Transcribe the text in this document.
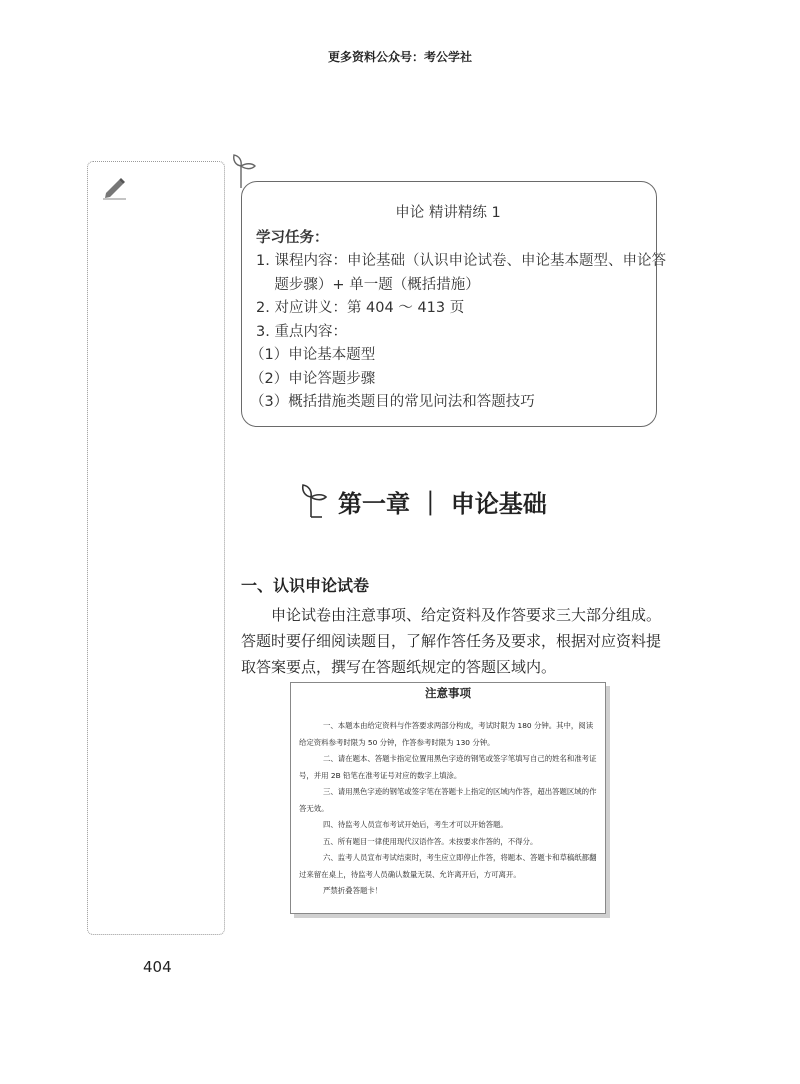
更多资料公众号：考公学社
申论 精讲精练 1
学习任务：
1. 课程内容：申论基础（认识申论试卷、申论基本题型、申论答
题步骤）+ 单一题（概括措施）
2. 对应讲义：第 404 ～ 413 页
3. 重点内容：
（1）申论基本题型
（2）申论答题步骤
（3）概括措施类题目的常见问法和答题技巧
第一章 ｜ 申论基础
一、认识申论试卷
申论试卷由注意事项、给定资料及作答要求三大部分组成。答题时要仔细阅读题目，了解作答任务及要求，根据对应资料提取答案要点，撰写在答题纸规定的答题区域内。
注意事项
一、本题本由给定资料与作答要求两部分构成，考试时限为 180 分钟。其中，阅读给定资料参考时限为 50 分钟，作答参考时限为 130 分钟。
二、请在题本、答题卡指定位置用黑色字迹的钢笔或签字笔填写自己的姓名和准考证号，并用 2B 铅笔在准考证号对应的数字上填涂。
三、请用黑色字迹的钢笔或签字笔在答题卡上指定的区域内作答，超出答题区域的作答无效。
四、待监考人员宣布考试开始后，考生才可以开始答题。
五、所有题目一律使用现代汉语作答。未按要求作答的，不得分。
六、监考人员宣布考试结束时，考生应立即停止作答，将题本、答题卡和草稿纸都翻过来留在桌上，待监考人员确认数量无误、允许离开后，方可离开。
严禁折叠答题卡！
404
